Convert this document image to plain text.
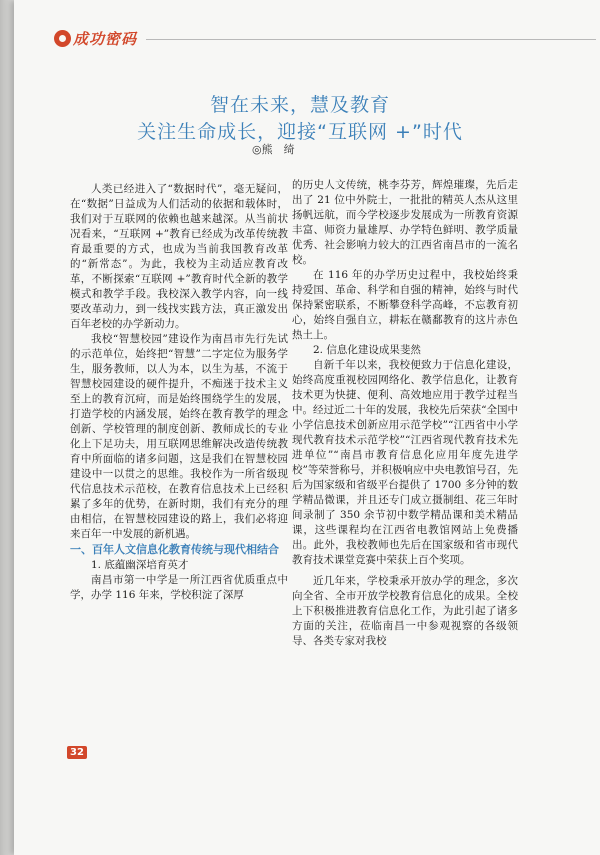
成功密码
智在未来，慧及教育
关注生命成长，迎接“互联网 +”时代
◎熊　绮

人类已经进入了“数据时代”，毫无疑问，在“数据”日益成为人们活动的依据和载体时，我们对于互联网的依赖也越来越深。从当前状况看来，“互联网 +”教育已经成为改革传统教育最重要的方式，也成为当前我国教育改革的“新常态”。为此，我校为主动适应教育改革，不断探索“互联网 +”教育时代全新的教学模式和教学手段。我校深入教学内容，向一线要改革动力，到一线找实践方法，真正激发出百年老校的办学新动力。

我校“智慧校园”建设作为南昌市先行先试的示范单位，始终把“智慧”二字定位为服务学生，服务教师，以人为本，以生为基，不流于智慧校园建设的硬件提升，不痴迷于技术主义至上的教育沉疴，而是始终围绕学生的发展，打造学校的内涵发展，始终在教育教学的理念创新、学校管理的制度创新、教师成长的专业化上下足功夫，用互联网思维解决改造传统教育中所面临的诸多问题，这是我们在智慧校园建设中一以贯之的思维。我校作为一所省级现代信息技术示范校，在教育信息技术上已经积累了多年的优势，在新时期，我们有充分的理由相信，在智慧校园建设的路上，我们必将迎来百年一中发展的新机遇。

一、百年人文信息化教育传统与现代相结合

1. 底蕴幽深培育英才

南昌市第一中学是一所江西省优质重点中学，办学 116 年来，学校积淀了深厚

的历史人文传统，桃李芬芳，辉煌璀璨，先后走出了 21 位中外院士，一批批的精英人杰从这里扬帆远航，而今学校逐步发展成为一所教育资源丰富、师资力量雄厚、办学特色鲜明、教学质量优秀、社会影响力较大的江西省南昌市的一流名校。

在 116 年的办学历史过程中，我校始终秉持爱国、革命、科学和自强的精神，始终与时代保持紧密联系，不断攀登科学高峰，不忘教育初心，始终自强自立，耕耘在赣鄱教育的这片赤色热土上。

2. 信息化建设成果斐然

自新千年以来，我校便致力于信息化建设，始终高度重视校园网络化、教学信息化，让教育技术更为快捷、便利、高效地应用于教学过程当中。经过近二十年的发展，我校先后荣获“全国中小学信息技术创新应用示范学校”“江西省中小学现代教育技术示范学校”“江西省现代教育技术先进单位”“南昌市教育信息化应用年度先进学校”等荣誉称号，并积极响应中央电教馆号召，先后为国家级和省级平台提供了 1700 多分钟的数学精品微课，并且还专门成立摄制组、花三年时间录制了 350 余节初中数学精品课和美术精品课，这些课程均在江西省电教馆网站上免费播出。此外，我校教师也先后在国家级和省市现代教育技术课堂竞赛中荣获上百个奖项。

近几年来，学校秉承开放办学的理念，多次向全省、全市开放学校教育信息化的成果。全校上下积极推进教育信息化工作，为此引起了诸多方面的关注，莅临南昌一中参观视察的各级领导、各类专家对我校

32
